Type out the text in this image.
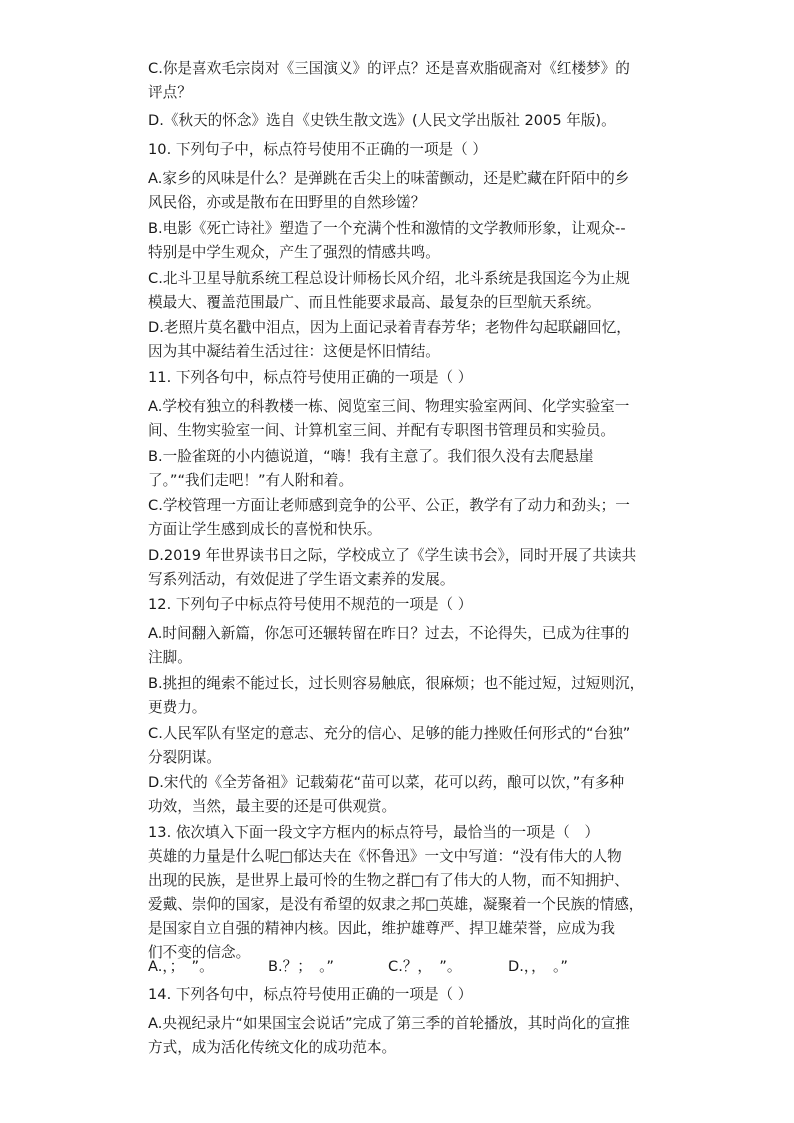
C.你是喜欢毛宗岗对《三国演义》的评点？还是喜欢脂砚斋对《红楼梦》的
评点？

D.《秋天的怀念》选自《史铁生散文选》(人民文学出版社 2005 年版)。

10. 下列句子中，标点符号使用不正确的一项是（ ）

A.家乡的风味是什么？是弹跳在舌尖上的味蕾颤动，还是贮藏在阡陌中的乡
风民俗，亦或是散布在田野里的自然珍馐？

B.电影《死亡诗社》塑造了一个充满个性和激情的文学教师形象，让观众--
特别是中学生观众，产生了强烈的情感共鸣。

C.北斗卫星导航系统工程总设计师杨长风介绍，北斗系统是我国迄今为止规
模最大、覆盖范围最广、而且性能要求最高、最复杂的巨型航天系统。

D.老照片莫名戳中泪点，因为上面记录着青春芳华；老物件勾起联翩回忆，
因为其中凝结着生活过往：这便是怀旧情结。

11. 下列各句中，标点符号使用正确的一项是（ ）

A.学校有独立的科教楼一栋、阅览室三间、物理实验室两间、化学实验室一
间、生物实验室一间、计算机室三间、并配有专职图书管理员和实验员。

B.一脸雀斑的小内德说道，“嗨！我有主意了。我们很久没有去爬悬崖
了。”“我们走吧！”有人附和着。

C.学校管理一方面让老师感到竞争的公平、公正，教学有了动力和劲头；一
方面让学生感到成长的喜悦和快乐。

D.2019 年世界读书日之际，学校成立了《学生读书会》，同时开展了共读共
写系列活动，有效促进了学生语文素养的发展。

12. 下列句子中标点符号使用不规范的一项是（ ）

A.时间翻入新篇，你怎可还辗转留在昨日？过去，不论得失，已成为往事的
注脚。

B.挑担的绳索不能过长，过长则容易触底，很麻烦；也不能过短，过短则沉，
更费力。

C.人民军队有坚定的意志、充分的信心、足够的能力挫败任何形式的“台独”
分裂阴谋。

D.宋代的《全芳备祖》记载菊花“苗可以菜，花可以药，酿可以饮，”有多种
功效，当然，最主要的还是可供观赏。

13. 依次填入下面一段文字方框内的标点符号，最恰当的一项是（　）
英雄的力量是什么呢□郁达夫在《怀鲁迅》一文中写道：“没有伟大的人物
出现的民族，是世界上最可怜的生物之群□有了伟大的人物，而不知拥护、
爱戴、崇仰的国家，是没有希望的奴隶之邦□英雄，凝聚着一个民族的情感，
是国家自立自强的精神内核。因此，维护雄尊严、捍卫雄荣誉，应成为我
们不变的信念。

A.，；　”。	B.？；　。”	C.？，　”。	D.，，　。”

14. 下列各句中，标点符号使用正确的一项是（ ）

A.央视纪录片“如果国宝会说话”完成了第三季的首轮播放，其时尚化的宣推
方式，成为活化传统文化的成功范本。
